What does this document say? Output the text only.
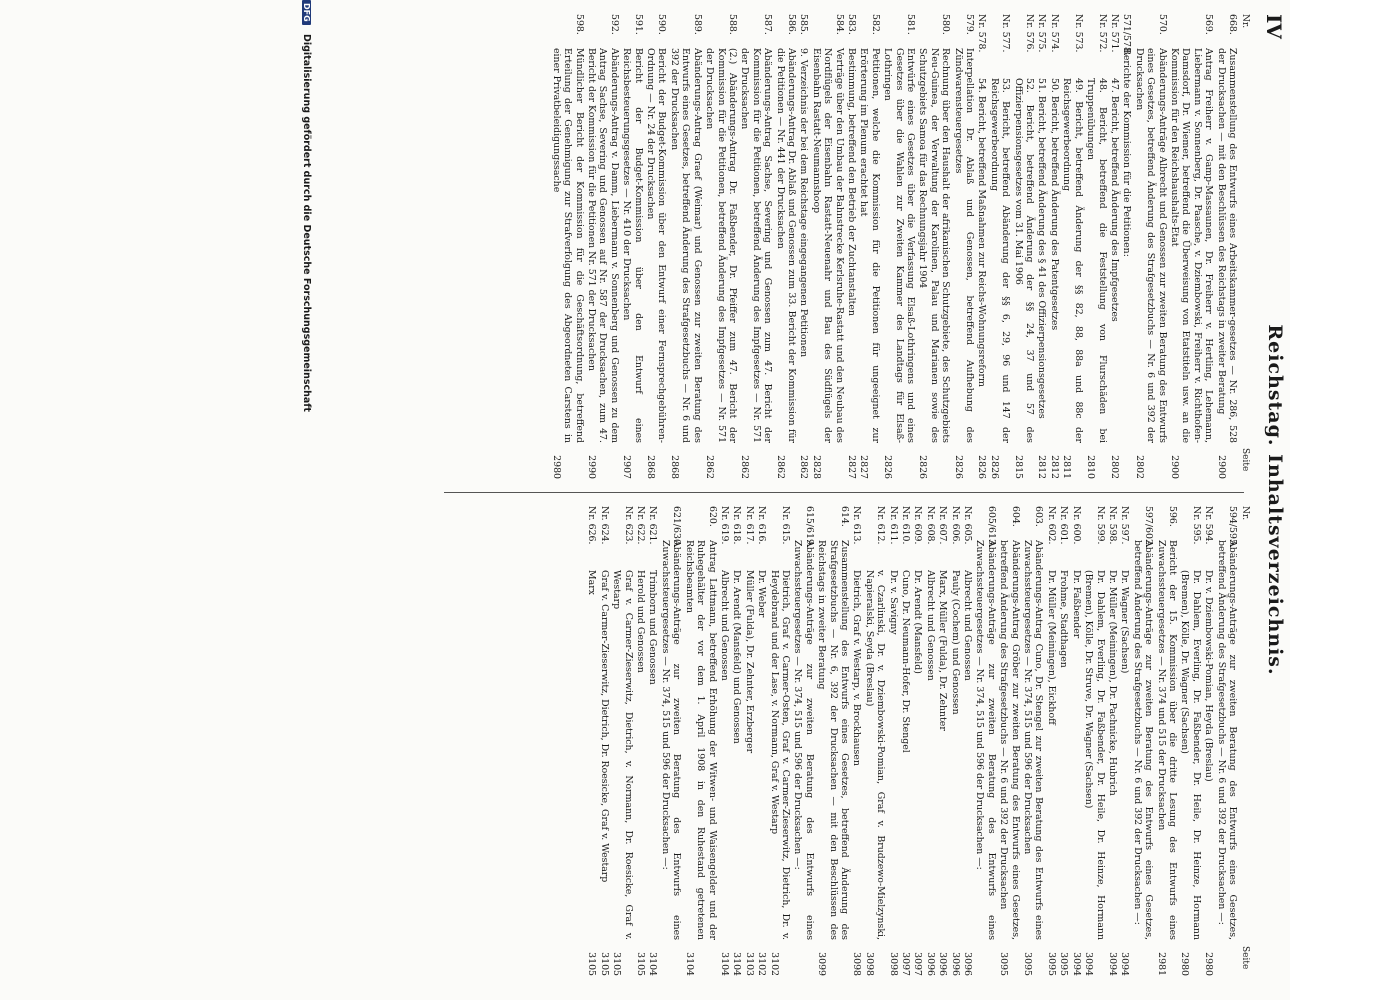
IV
Reichstag. Inhaltsverzeichnis.
Nr.
Seite
Nr.
Seite
668.
Zusammenstellung des Entwurfs eines Arbeitskammer-gesetzes — Nr. 286, 528 der Drucksachen — mit den Beschlüssen des Reichstags in zweiter Beratung
2900
569.
Antrag Freiherr v. Gamp-Massaunen, Dr. Freiherr v. Hertling, Lehemann, Liebermann v. Sonnenberg, Dr. Paasche, v. Dziembowski, Freiherr v. Richthofen-Damsdorf, Dr. Wiemer, betreffend die Überweisung von Etatstiteln usw. an die Kommission für den Reichshaushalts-Etat
2900
570.
Abänderungs-Anträge Albrecht und Genossen zur zweiten Beratung des Entwurfs eines Gesetzes, betreffend Änderung des Strafgesetzbuchs — Nr. 6 und 392 der Drucksachen
2802
571/578.
Berichte der Kommission für die Petitionen:
Nr. 571.
47. Bericht, betreffend Änderung des Impfgesetzes
2802
Nr. 572.
48. Bericht, betreffend die Feststellung von Flurschäden bei Truppenübungen
2810
Nr. 573.
49. Bericht, betreffend Änderung der §§ 82, 88, 88a und 88c der Reichsgewerbeordnung
2811
Nr. 574.
50. Bericht, betreffend Änderung des Patentgesetzes
2812
Nr. 575.
51. Bericht, betreffend Änderung des § 41 des Offizierpensionsgesetzes
2812
Nr. 576.
52. Bericht, betreffend Änderung der §§ 24, 37 und 57 des Offizierpensionsgesetzes vom 31. Mai 1906
2815
Nr. 577.
53. Bericht, betreffend Abänderung der §§ 6, 29, 96 und 147 der Reichsgewerbeordnung
2826
Nr. 578.
54. Bericht, betreffend Maßnahmen zur Reichs-Wohnungsreform
2826
579.
Interpellation Dr. Ablaß und Genossen, betreffend Aufhebung des Zündwarensteuergesetzes
2826
580.
Rechnung über den Haushalt der afrikanischen Schutzgebiete, des Schutzgebiets Neu-Guinea, der Verwaltung der Karolinen, Palau und Marianen sowie des Schutzgebiets Samoa für das Rechnungsjahr 1904
2826
581.
Entwürfe eines Gesetzes über die Verfassung Elsaß-Lothringens und eines Gesetzes über die Wahlen zur Zweiten Kammer des Landtags für Elsaß-Lothringen
2826
582.
Petitionen, welche die Kommission für die Petitionen für ungeeignet zur Erörterung im Plenum erachtet hat
2827
583.
Bestimmung, betreffend den Betrieb der Zuchtanstalten
2827
584.
Verträge über den Umbau der Bahnstrecke Kerlsruhe-Rastatt und den Neubau des Nordflügels der Eisenbahn Rastatt-Neuenahr und Bau des Südflügels der Eisenbahn Rastatt-Neumannshoop
2828
585.
9. Verzeichnis der bei dem Reichstage eingegangenen Petitionen
2862
586.
Abänderungs-Antrag Dr. Ablaß und Genossen zum 33. Bericht der Kommission für die Petitionen — Nr. 441 der Drucksachen
2862
587.
Abänderungs-Antrag Sachse, Severing und Genossen zum 47. Bericht der Kommission für die Petitionen, betreffend Änderung des Impfgesetzes — Nr. 571 der Drucksachen
2862
588.
(2.) Abänderungs-Antrag Dr. Faßbender, Dr. Pfeiffer zum 47. Bericht der Kommission für die Petitionen, betreffend Änderung des Impfgesetzes — Nr. 571 der Drucksachen
2862
589.
Abänderungs-Antrag Graef (Weimar) und Genossen zur zweiten Beratung des Entwurfs eines Gesetzes, betreffend Änderung des Strafgesetzbuchs — Nr. 6 und 392 der Drucksachen
2868
590.
Bericht der Budget-Kommission über den Entwurf einer Fernsprechgebühren-Ordnung — Nr. 24 der Drucksachen
2868
591.
Bericht der Budget-Kommission über den Entwurf eines Reichsbesteuerungsgesetzes — Nr. 410 der Drucksachen
2907
592.
Abänderungs-Antrag v. Damm, Liebermann v. Sonnenberg und Genossen zu dem Antrag Sachse, Severing und Genossen auf Nr. 587 der Drucksachen, zum 47. Bericht der Kommission für die Petitionen Nr. 571 der Drucksachen
2990
598.
Mündlicher Bericht der Kommission für die Geschäftsordnung, betreffend Erteilung der Genehmigung zur Strafverfolgung des Abgeordneten Carstens in einer Privatbeleidigungssache
2980
594/595.
Abänderungs-Anträge zur zweiten Beratung des Entwurfs eines Gesetzes, betreffend Änderung des Strafgesetzbuchs — Nr. 6 und 392 der Drucksachen —:
Nr. 594.
Dr. v. Dziembowski-Pomian, Heyda (Breslau)
2980
Nr. 595.
Dr. Dahlem, Everling, Dr. Faßbender, Dr. Heile, Dr. Heinze, Hormann (Bremen), Kölle, Dr. Wagner (Sachsen)
2980
596.
Bericht der 15. Kommission über die dritte Lesung des Entwurfs eines Zuwachssteuergesetzes — Nr. 374 und 515 der Drucksachen
2981
597/602.
Abänderungs-Anträge zur zweiten Beratung des Entwurfs eines Gesetzes, betreffend Änderung des Strafgesetzbuchs — Nr. 6 und 392 der Drucksachen —:
Nr. 597.
Dr. Wagner (Sachsen)
3094
Nr. 598.
Dr. Müller (Meiningen), Dr. Pachnicke, Hubrich
3094
Nr. 599.
Dr. Dahlem, Everling, Dr. Faßbender, Dr. Heile, Dr. Heinze, Hormann (Bremen), Kölle, Dr. Struve, Dr. Wagner (Sachsen)
3094
Nr. 600.
Dr. Faßbender
3094
Nr. 601.
Frohme, Stadthagen
3095
Nr. 602.
Dr. Müller (Meiningen), Eickhoff
3095
603.
Abänderungs-Antrag Cuno, Dr. Stengel zur zweiten Beratung des Entwurfs eines Zuwachssteuergesetzes — Nr. 374, 515 und 596 der Drucksachen
3095
604.
Abänderungs-Antrag Gröber zur zweiten Beratung des Entwurfs eines Gesetzes, betreffend Änderung des Strafgesetzbuchs — Nr. 6 und 392 der Drucksachen
3095
605/613.
Abänderungs-Anträge zur zweiten Beratung des Entwurfs eines Zuwachssteuergesetzes — Nr. 374, 515 und 596 der Drucksachen —:
Nr. 605.
Albrecht und Genossen
3096
Nr. 606.
Pauly (Cochem) und Genossen
3096
Nr. 607.
Marx, Müller (Fulda), Dr. Zehnter
3096
Nr. 608.
Albrecht und Genossen
3096
Nr. 609.
Dr. Arendt (Mansfeld)
3097
Nr. 610.
Cuno, Dr. Neumann-Hofer, Dr. Stengel
3097
Nr. 611.
Dr. v. Savigny
3098
Nr. 612.
v. Czarlinski, Dr. v. Dziembowski-Pomian, Graf v. Brudzewo-Mielzynski, Napieralski, Seyda (Breslau)
3098
Nr. 613.
Dietrich, Graf v. Westarp, v. Brockhausen
3098
614.
Zusammenstellung des Entwurfs eines Gesetzes, betreffend Änderung des Strafgesetzbuchs — Nr. 6, 392 der Drucksachen — mit den Beschlüssen des Reichstags in zweiter Beratung
3099
615/619.
Abänderungs-Anträge zur zweiten Beratung des Entwurfs eines Zuwachssteuergesetzes — Nr. 374, 515 und 596 der Drucksachen —:
Nr. 615.
Dietrich, Graf v. Carmer-Osten, Graf v. Carmer-Zieserwitz, Dietrich, Dr. v. Heydebrand und der Lase, v. Normann, Graf v. Westarp
3102
Nr. 616.
Dr. Weber
3102
Nr. 617.
Müller (Fulda), Dr. Zehnter, Erzberger
3103
Nr. 618.
Dr. Arendt (Mansfeld) und Genossen
3104
Nr. 619.
Albrecht und Genossen
3104
620.
Antrag Lattmann, betreffend Erhöhung der Witwen- und Waisengelder und der Ruhegehälter der vor dem 1. April 1908 in den Ruhestand getretenen Reichsbeamten
3104
621/630.
Abänderungs-Anträge zur zweiten Beratung des Entwurfs eines Zuwachssteuergesetzes — Nr. 374, 515 und 596 der Drucksachen —:
Nr. 621.
Trimborn und Genossen
3104
Nr. 622.
Herold und Genossen
3105
Nr. 623.
Graf v. Carmer-Zieserwitz, Dietrich, v. Normann, Dr. Roesicke, Graf v. Westarp
3105
Nr. 624.
Graf v. Carmer-Zieserwitz, Dietrich, Dr. Roesicke, Graf v. Westarp
3105
Nr. 626.
Marx
3105
DFG Digitalisierung gefördert durch die Deutsche Forschungsgemeinschaft
